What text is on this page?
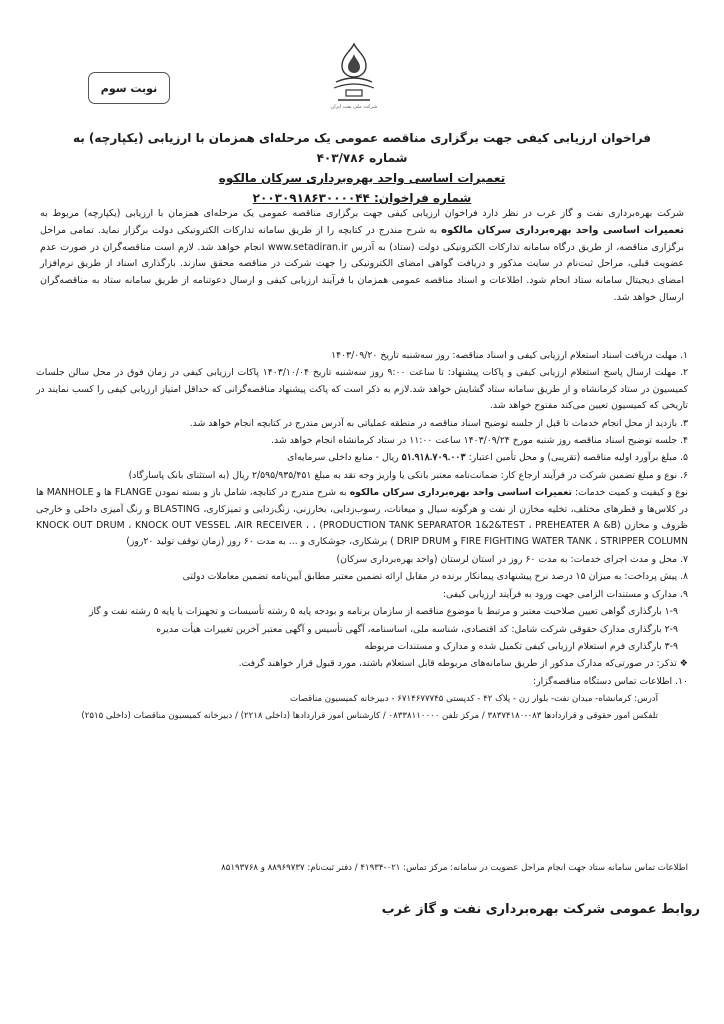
نوبت سوم
شرکت ملی نفت ایران
فراخوان ارزیابی کیفی جهت برگزاری مناقصه عمومی یک مرحله‌ای همزمان با ارزیابی (یکپارچه) به شماره ۴۰۳/۷۸۶
تعمیرات اساسی واحد بهره‌برداری سرکان مالکوه
شماره فراخوان: ۲۰۰۳۰۹۱۸۶۳۰۰۰۰۴۴
شرکت بهره‌برداری نفت و گاز غرب در نظر دارد فراخوان ارزیابی کیفی جهت برگزاری مناقصه عمومی یک مرحله‌ای همزمان با ارزیابی (یکپارچه) مربوط به تعمیرات اساسی واحد بهره‌برداری سرکان مالکوه به شرح مندرج در کتابچه را از طریق سامانه تدارکات الکترونیکی دولت برگزار نماید. تمامی مراحل برگزاری مناقصه، از طریق درگاه سامانه تدارکات الکترونیکی دولت (ستاد) به آدرس www.setadiran.ir انجام خواهد شد. لازم است مناقصه‌گران در صورت عدم عضویت قبلی، مراحل ثبت‌نام در سایت مذکور و دریافت گواهی امضای الکترونیکی را جهت شرکت در مناقصه محقق سازند. بارگذاری اسناد از طریق نرم‌افزار امضای دیجیتال سامانه ستاد انجام شود. اطلاعات و اسناد مناقصه عمومی همزمان با فرآیند ارزیابی کیفی و ارسال دعوتنامه از طریق سامانه ستاد به مناقصه‌گران ارسال خواهد شد.
۱. مهلت دریافت اسناد استعلام ارزیابی کیفی و اسناد مناقصه: روز سه‌شنبه تاریخ ۱۴۰۳/۰۹/۲۰
۲. مهلت ارسال پاسخ استعلام ارزیابی کیفی و پاکات پیشنهاد: تا ساعت ۹:۰۰ روز سه‌شنبه تاریخ ۱۴۰۳/۱۰/۰۴ پاکات ارزیابی کیفی در زمان فوق در محل سالن جلسات کمیسیون در ستاد کرمانشاه و از طریق سامانه ستاد گشایش خواهد شد.لازم به ذکر است که پاکت پیشنهاد مناقصه‌گرانی که حداقل امتیاز ارزیابی کیفی را کسب نمایند در تاریخی که کمیسیون تعیین می‌کند مفتوح خواهد شد.
۳. بازدید از محل انجام خدمات تا قبل از جلسه توضیح اسناد مناقصه در منطقه عملیاتی به آدرس مندرج در کتابچه انجام خواهد شد.
۴. جلسه توضیح اسناد مناقصه روز شنبه مورخ ۱۴۰۳/۰۹/۲۴ ساعت ۱۱:۰۰ در ستاد کرمانشاه انجام خواهد شد.
۵. مبلغ برآورد اولیه مناقصه (تقریبی) و محل تأمین اعتبار: ۵۱.۹۱۸.۷۰۹.۰۰۳ ریال - منابع داخلی سرمایه‌ای
۶. نوع و مبلغ تضمین شرکت در فرآیند ارجاع کار: ضمانت‌نامه معتبر بانکی یا واریز وجه نقد به مبلغ ۲/۵۹۵/۹۳۵/۴۵۱ ریال (به استثنای بانک پاسارگاد)
نوع و کیفیت و کمیت خدمات: تعمیرات اساسی واحد بهره‌برداری سرکان مالکوه به شرح مندرج در کتابچه، شامل باز و بسته نمودن FLANGE ها و MANHOLE ها در کلاس‌ها و قطرهای مختلف، تخلیه مخازن از نفت و هرگونه سیال و میعانات، رسوب‌زدایی، بخارزنی، زنگ‌زدایی و تمیزکاری، BLASTING و رنگ آمیزی داخلی و خارجی ظروف و مخازن (PRODUCTION TANK SEPARATOR 1&2&TEST ، PREHEATER A &B) ، KNOCK OUT DRUM ، KNOCK OUT VESSEL ،AIR RECEIVER ، FIRE FIGHTING WATER TANK ، STRIPPER COLUMN و DRIP DRUM ) برشکاری، جوشکاری و ... به مدت ۶۰ روز (زمان توقف تولید ۲۰روز)
۷. محل و مدت اجرای خدمات: به مدت ۶۰ روز در استان لرستان (واحد بهره‌برداری سرکان)
۸. پیش پرداخت: به میزان ۱۵ درصد نرخ پیشنهادی پیمانکار برنده در مقابل ارائه تضمین معتبر مطابق آیین‌نامه تضمین معاملات دولتی
۹. مدارک و مستندات الزامی جهت ورود به فرآیند ارزیابی کیفی:
۱-۹ بارگذاری گواهی تعیین صلاحیت معتبر و مرتبط با موضوع مناقصه از سازمان برنامه و بودجه پایه ۵ رشته تأسیسات و تجهیزات یا پایه ۵ رشته نفت و گاز
۲-۹ بارگذاری مدارک حقوقی شرکت شامل: کد اقتصادی، شناسه ملی، اساسنامه، آگهی تأسیس و آگهی معتبر آخرین تغییرات هیأت مدیره
۳-۹ بارگذاری فرم استعلام ارزیابی کیفی تکمیل شده و مدارک و مستندات مربوطه
❖ تذکر: در صورتی‌که مدارک مذکور از طریق سامانه‌های مربوطه قابل استعلام باشند، مورد قبول قرار خواهند گرفت.
۱۰. اطلاعات تماس دستگاه مناقصه‌گزار:
آدرس: کرمانشاه- میدان نفت- بلوار زن - پلاک ۴۲ - کدپستی ۶۷۱۴۶۷۷۷۴۵ - دبیرخانه کمیسیون مناقصات
تلفکس امور حقوقی و قراردادها ۰۸۳-۳۸۳۷۴۱۸۰ / مرکز تلفن ۰۸۳۳۸۱۱۰۰۰۰ / کارشناس امور قراردادها (داخلی ۲۲۱۸) / دبیرخانه کمیسیون مناقصات (داخلی ۲۵۱۵)
اطلاعات تماس سامانه ستاد جهت انجام مراحل عضویت در سامانه: مرکز تماس: ۰۲۱-۴۱۹۳۴ / دفتر ثبت‌نام: ۸۸۹۶۹۷۳۷ و ۸۵۱۹۳۷۶۸
روابط عمومی شرکت بهره‌برداری نفت و گاز غرب
